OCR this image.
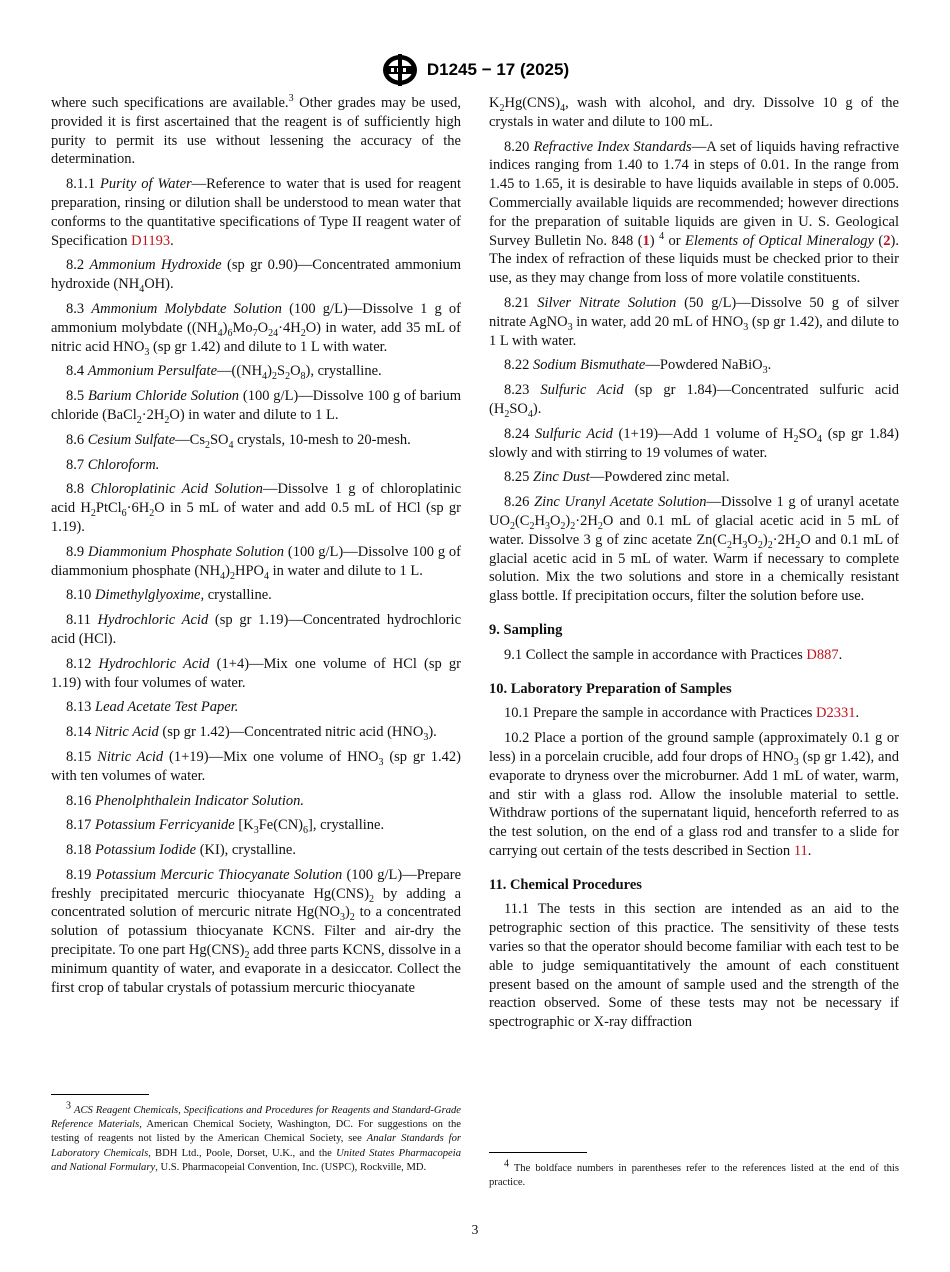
D1245 − 17 (2025)

where such specifications are available.$^3$ Other grades may be used, provided it is first ascertained that the reagent is of sufficiently high purity to permit its use without lessening the accuracy of the determination.

8.1.1 Purity of Water—Reference to water that is used for reagent preparation, rinsing or dilution shall be understood to mean water that conforms to the quantitative specifications of Type II reagent water of Specification D1193.

8.2 Ammonium Hydroxide (sp gr 0.90)—Concentrated ammonium hydroxide $(NH_4OH)$.

8.3 Ammonium Molybdate Solution (100 g/L)—Dissolve 1 g of ammonium molybdate $((NH_4)_6Mo_7O_{24}\cdot 4H_2O)$ in water, add 35 mL of nitric acid $HNO_3$ (sp gr 1.42) and dilute to 1 L with water.

8.4 Ammonium $Persulfate—((NH_4)_2S_2O_8)$, crystalline.

8.5 Barium Chloride Solution (100 g/L)—Dissolve 100 g of barium chloride $(BaCl_2\cdot 2H_2O)$ in water and dilute to 1 L.

8.6 Cesium $Sulfate—Cs_2SO_4$ crystals, 10-mesh to 20-mesh.

8.7 Chloroform.

8.8 Chloroplatinic Acid Solution—Dissolve 1 g of chloroplatinic acid $H_2PtCl_6\cdot 6H_2O$ in 5 mL of water and add 0.5 mL of HCl (sp gr 1.19).

8.9 Diammonium Phosphate Solution (100 g/L)—Dissolve 100 g of diammonium phosphate $(NH_4)_2HPO_4$ in water and dilute to 1 L.

8.10 Dimethylglyoxime, crystalline.

8.11 Hydrochloric Acid (sp gr 1.19)—Concentrated hydrochloric acid (HCl).

8.12 Hydrochloric Acid (1+4)—Mix one volume of HCl (sp gr 1.19) with four volumes of water.

8.13 Lead Acetate Test Paper.

8.14 Nitric Acid (sp gr 1.42)—Concentrated nitric acid $(HNO_3)$.

8.15 Nitric Acid (1+19)—Mix one volume of $HNO_3$ (sp gr 1.42) with ten volumes of water.

8.16 Phenolphthalein Indicator Solution.

8.17 Potassium Ferricyanide $[K_3Fe(CN)_6]$, crystalline.

8.18 Potassium Iodide (KI), crystalline.

8.19 Potassium Mercuric Thiocyanate Solution (100 g/L)—Prepare freshly precipitated mercuric thiocyanate $Hg(CNS)_2$ by adding a concentrated solution of mercuric nitrate $Hg(NO_3)_2$ to a concentrated solution of potassium thiocyanate KCNS. Filter and air-dry the precipitate. To one part $Hg(CNS)_2$ add three parts KCNS, dissolve in a minimum quantity of water, and evaporate in a desiccator. Collect the first crop of tabular crystals of potassium mercuric thiocyanate

$K_2Hg(CNS)_4$, wash with alcohol, and dry. Dissolve 10 g of the crystals in water and dilute to 100 mL.

8.20 Refractive Index Standards—A set of liquids having refractive indices ranging from 1.40 to 1.74 in steps of 0.01. In the range from 1.45 to 1.65, it is desirable to have liquids available in steps of 0.005. Commercially available liquids are recommended; however directions for the preparation of suitable liquids are given in U. S. Geological Survey Bulletin No. 848 (1) $^4$ or Elements of Optical Mineralogy (2). The index of refraction of these liquids must be checked prior to their use, as they may change from loss of more volatile constituents.

8.21 Silver Nitrate Solution (50 g/L)—Dissolve 50 g of silver nitrate AgNO$_3$ in water, add 20 mL of $HNO_3$ (sp gr 1.42), and dilute to 1 L with water.

8.22 Sodium Bismuthate—Powdered NaBiO$_3$.

8.23 Sulfuric Acid (sp gr 1.84)—Concentrated sulfuric acid $(H_2SO_4)$.

8.24 Sulfuric Acid (1+19)—Add 1 volume of $H_2SO_4$ (sp gr 1.84) slowly and with stirring to 19 volumes of water.

8.25 Zinc Dust—Powdered zinc metal.

8.26 Zinc Uranyl Acetate Solution—Dissolve 1 g of uranyl acetate $UO_2(C_2H_3O_2)_2\cdot 2H_2O$ and 0.1 mL of glacial acetic acid in 5 mL of water. Dissolve 3 g of zinc acetate $Zn(C_2H_3O_2)_2\cdot 2H_2O$ and 0.1 mL of glacial acetic acid in 5 mL of water. Warm if necessary to complete solution. Mix the two solutions and store in a chemically resistant glass bottle. If precipitation occurs, filter the solution before use.

9. Sampling

9.1 Collect the sample in accordance with Practices D887.

10. Laboratory Preparation of Samples

10.1 Prepare the sample in accordance with Practices D2331.

10.2 Place a portion of the ground sample (approximately 0.1 g or less) in a porcelain crucible, add four drops of $HNO_3$ (sp gr 1.42), and evaporate to dryness over the microburner. Add 1 mL of water, warm, and stir with a glass rod. Allow the insoluble material to settle. Withdraw portions of the supernatant liquid, henceforth referred to as the test solution, on the end of a glass rod and transfer to a slide for carrying out certain of the tests described in Section 11.

11. Chemical Procedures

11.1 The tests in this section are intended as an aid to the petrographic section of this practice. The sensitivity of these tests varies so that the operator should become familiar with each test to be able to judge semiquantitatively the amount of each constituent present based on the amount of sample used and the strength of the reaction observed. Some of these tests may not be necessary if spectrographic or X-ray diffraction

$^3$ ACS Reagent Chemicals, Specifications and Procedures for Reagents and Standard-Grade Reference Materials, American Chemical Society, Washington, DC. For suggestions on the testing of reagents not listed by the American Chemical Society, see Analar Standards for Laboratory Chemicals, BDH Ltd., Poole, Dorset, U.K., and the United States Pharmacopeia and National Formulary, U.S. Pharmacopeial Convention, Inc. (USPC), Rockville, MD.	$^4$ The boldface numbers in parentheses refer to the references listed at the end of this practice.

3
